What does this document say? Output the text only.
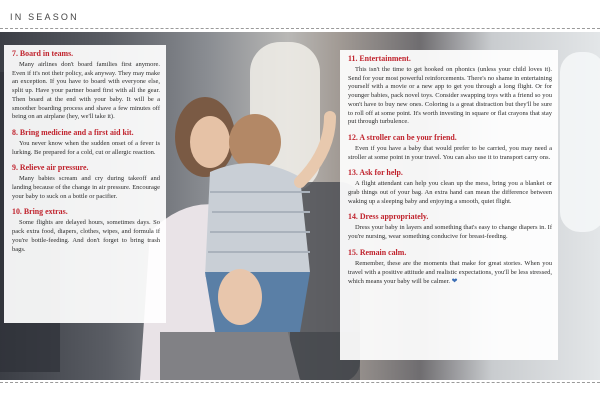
IN SEASON

7. Board in teams.

Many airlines don't board families first anymore. Even if it's not their policy, ask anyway. They may make an exception. If you have to board with everyone else, split up. Have your partner board first with all the gear. Then board at the end with your baby. It will be a smoother boarding process and shave a few minutes off being on an airplane (hey, we'll take it).

8. Bring medicine and a first aid kit.

You never know when the sudden onset of a fever is lurking. Be prepared for a cold, cut or allergic reaction.

9. Relieve air pressure.

Many babies scream and cry during takeoff and landing because of the change in air pressure. Encourage your baby to suck on a bottle or pacifier.

10. Bring extras.

Some flights are delayed hours, sometimes days. So pack extra food, diapers, clothes, wipes, and formula if you're bottle-feeding. And don't forget to bring trash bags.

11. Entertainment.

This isn't the time to get hooked on phonics (unless your child loves it). Send for your most powerful reinforcements. There's no shame in entertaining yourself with a movie or a new app to get you through a long flight. Or for younger babies, pack novel toys. Consider swapping toys with a friend so you won't have to buy new ones. Coloring is a great distraction but they'll be sure to roll off at some point. It's worth investing in square or flat crayons that stay put through turbulence.

12. A stroller can be your friend.

Even if you have a baby that would prefer to be carried, you may need a stroller at some point in your travel. You can also use it to transport carry ons.

13. Ask for help.

A flight attendant can help you clean up the mess, bring you a blanket or grab things out of your bag. An extra hand can mean the difference between waking up a sleeping baby and enjoying a smooth, quiet flight.

14. Dress appropriately.

Dress your baby in layers and something that's easy to change diapers in. If you're nursing, wear something conducive for breast-feeding.

15. Remain calm.

Remember, these are the moments that make for great stories. When you travel with a positive attitude and realistic expectations, you'll be less stressed, which means your baby will be calmer. ❤
